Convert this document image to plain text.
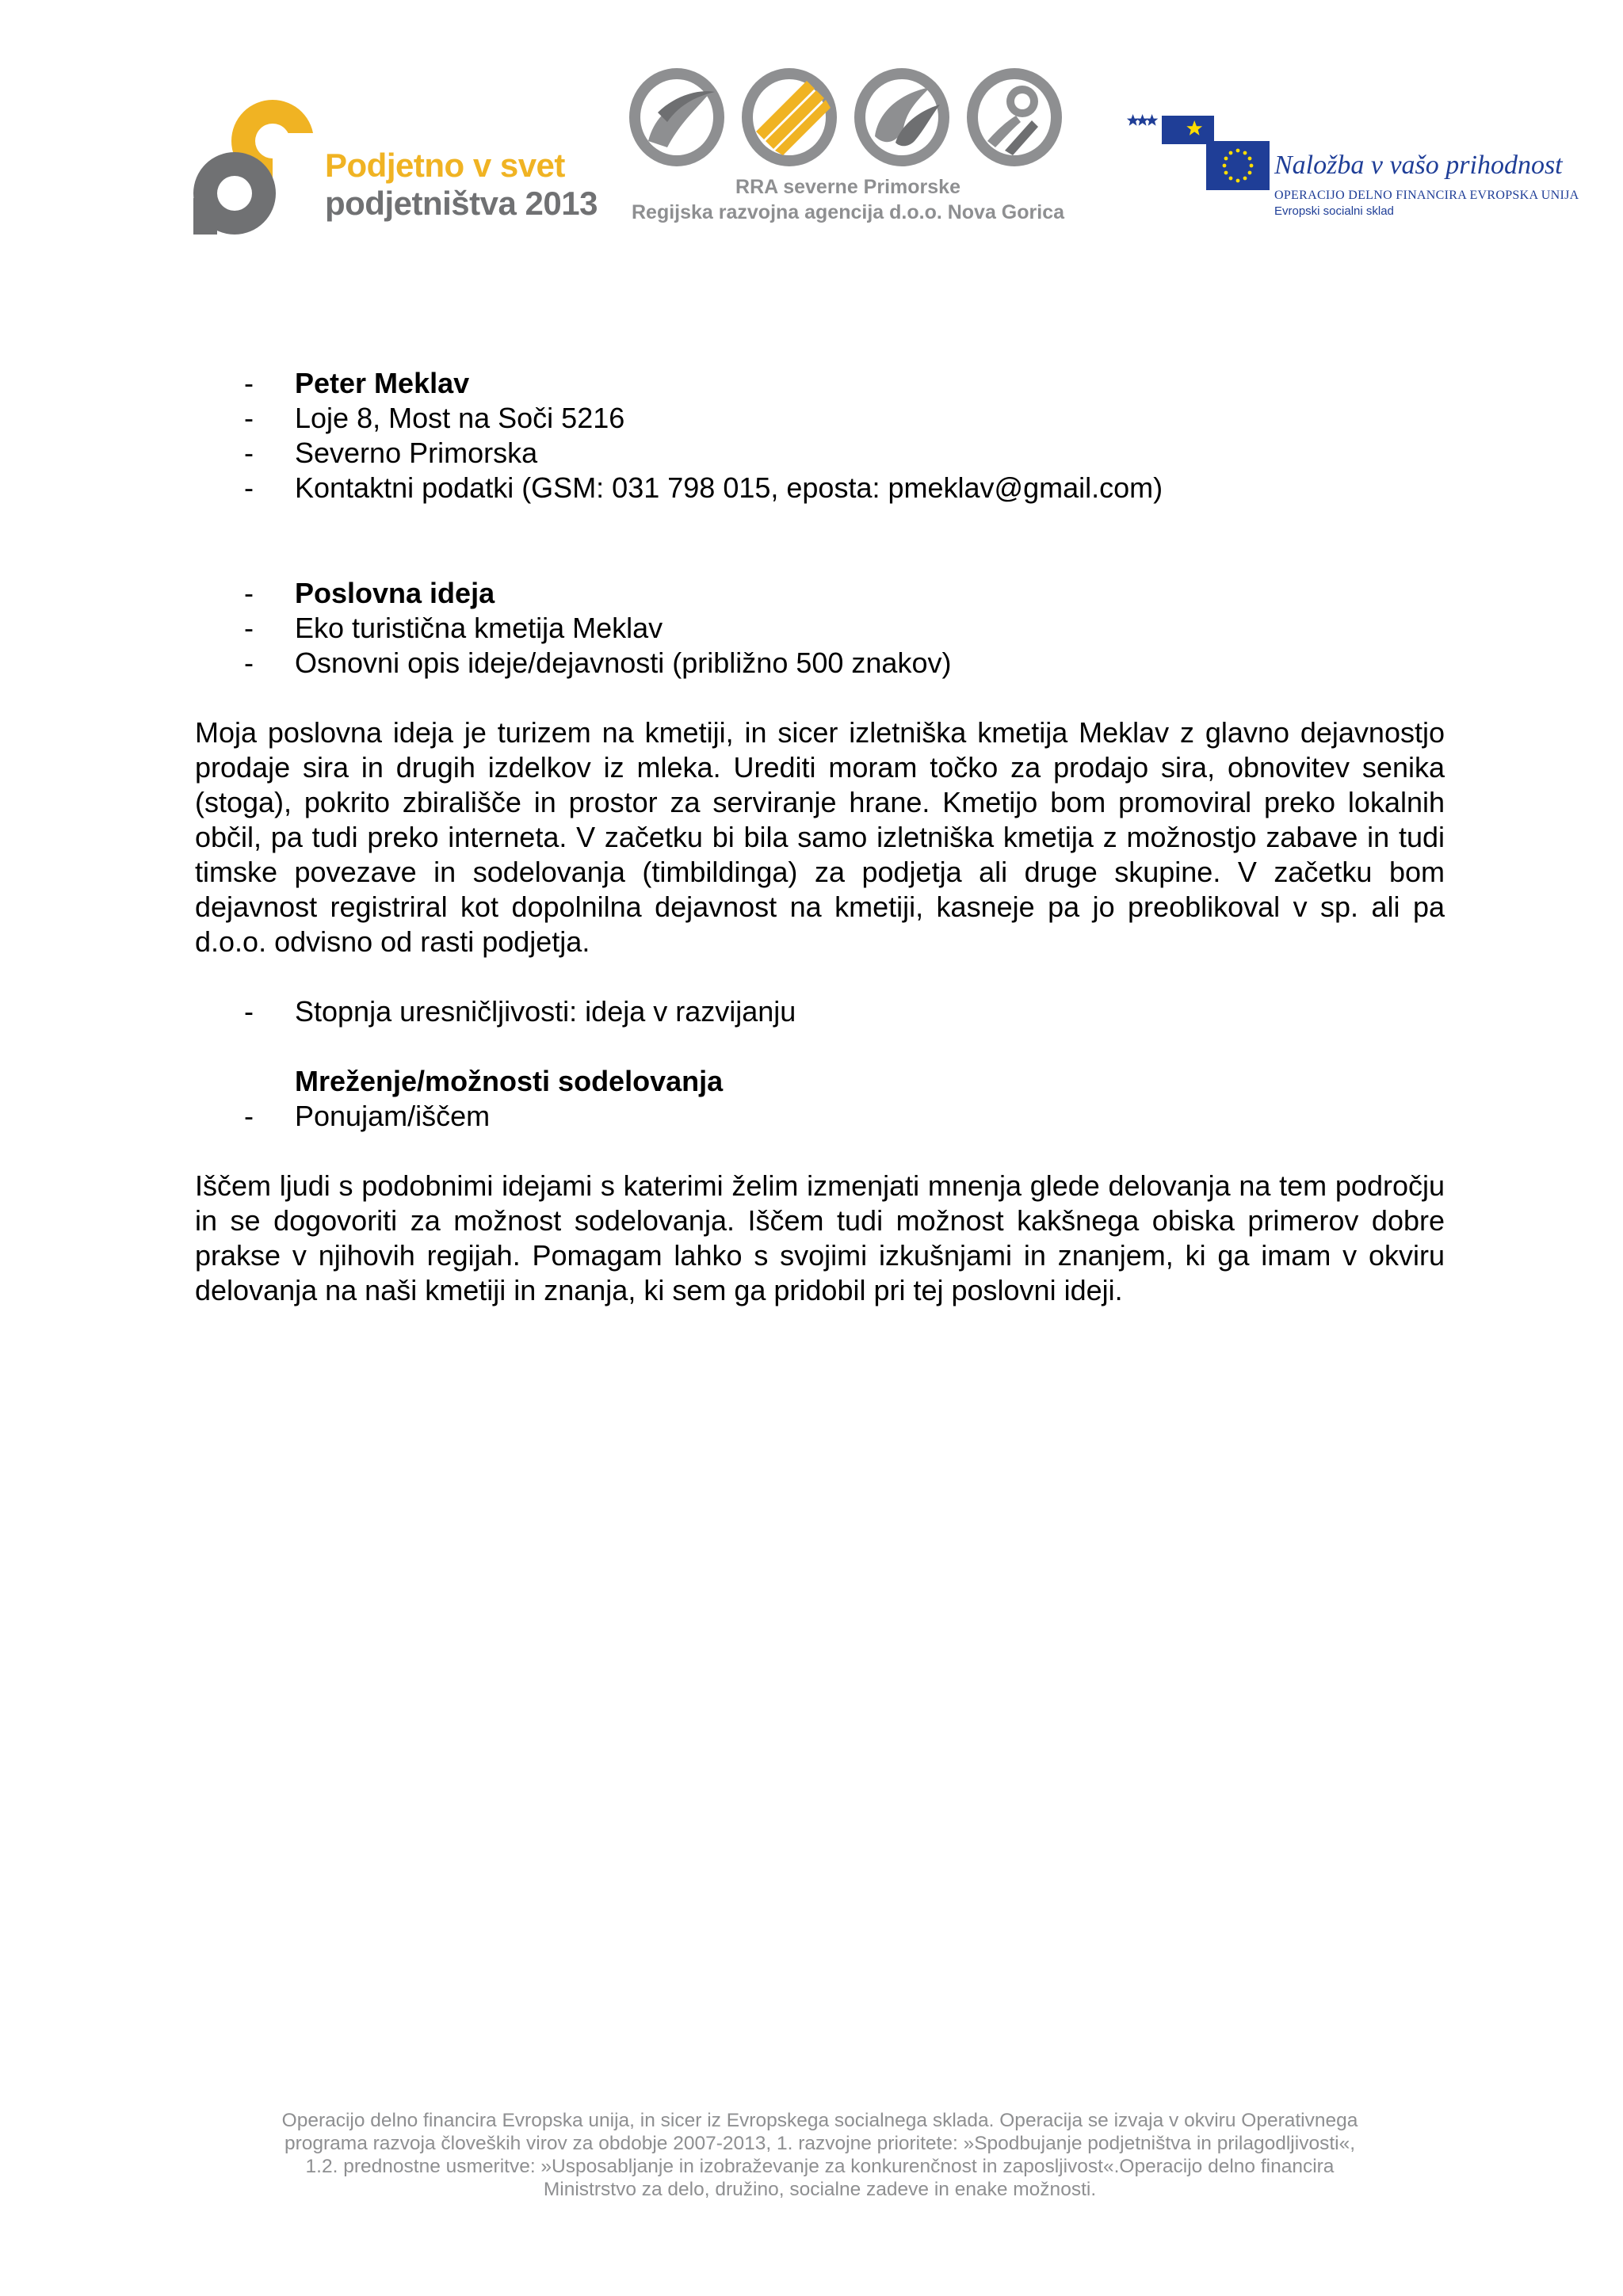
Podjetno v svet
podjetništva 2013	RRA severne Primorske
Regijska razvojna agencija d.o.o. Nova Gorica
Naložba v vašo prihodnost
OPERACIJO DELNO FINANCIRA EVROPSKA UNIJA
Evropski socialni sklad
- Peter Meklav
- Loje 8, Most na Soči 5216
- Severno Primorska
- Kontaktni podatki (GSM: 031 798 015, eposta: pmeklav@gmail.com)
- Poslovna ideja
- Eko turistična kmetija Meklav
- Osnovni opis ideje/dejavnosti (približno 500 znakov)

Moja poslovna ideja je turizem na kmetiji, in sicer izletniška kmetija Meklav z glavno dejavnostjo prodaje sira in drugih izdelkov iz mleka. Urediti moram točko za prodajo sira, obnovitev senika (stoga), pokrito zbirališče in prostor za serviranje hrane. Kmetijo bom promoviral preko lokalnih občil, pa tudi preko interneta. V začetku bi bila samo izletniška kmetija z možnostjo zabave in tudi timske povezave in sodelovanja (timbildinga) za podjetja ali druge skupine. V začetku bom dejavnost registriral kot dopolnilna dejavnost na kmetiji, kasneje pa jo preoblikoval v sp. ali pa d.o.o. odvisno od rasti podjetja.

- Stopnja uresničljivosti: ideja v razvijanju
Mreženje/možnosti sodelovanja
- Ponujam/iščem

Iščem ljudi s podobnimi idejami s katerimi želim izmenjati mnenja glede delovanja na tem področju in se dogovoriti za možnost sodelovanja. Iščem tudi možnost kakšnega obiska primerov dobre prakse v njihovih regijah. Pomagam lahko s svojimi izkušnjami in znanjem, ki ga imam v okviru delovanja na naši kmetiji in znanja, ki sem ga pridobil pri tej poslovni ideji.

Operacijo delno financira Evropska unija, in sicer iz Evropskega socialnega sklada. Operacija se izvaja v okviru Operativnega
programa razvoja človeških virov za obdobje 2007-2013, 1. razvojne prioritete: »Spodbujanje podjetništva in prilagodljivosti«,
1.2. prednostne usmeritve: »Usposabljanje in izobraževanje za konkurenčnost in zaposljivost«.Operacijo delno financira
Ministrstvo za delo, družino, socialne zadeve in enake možnosti.
